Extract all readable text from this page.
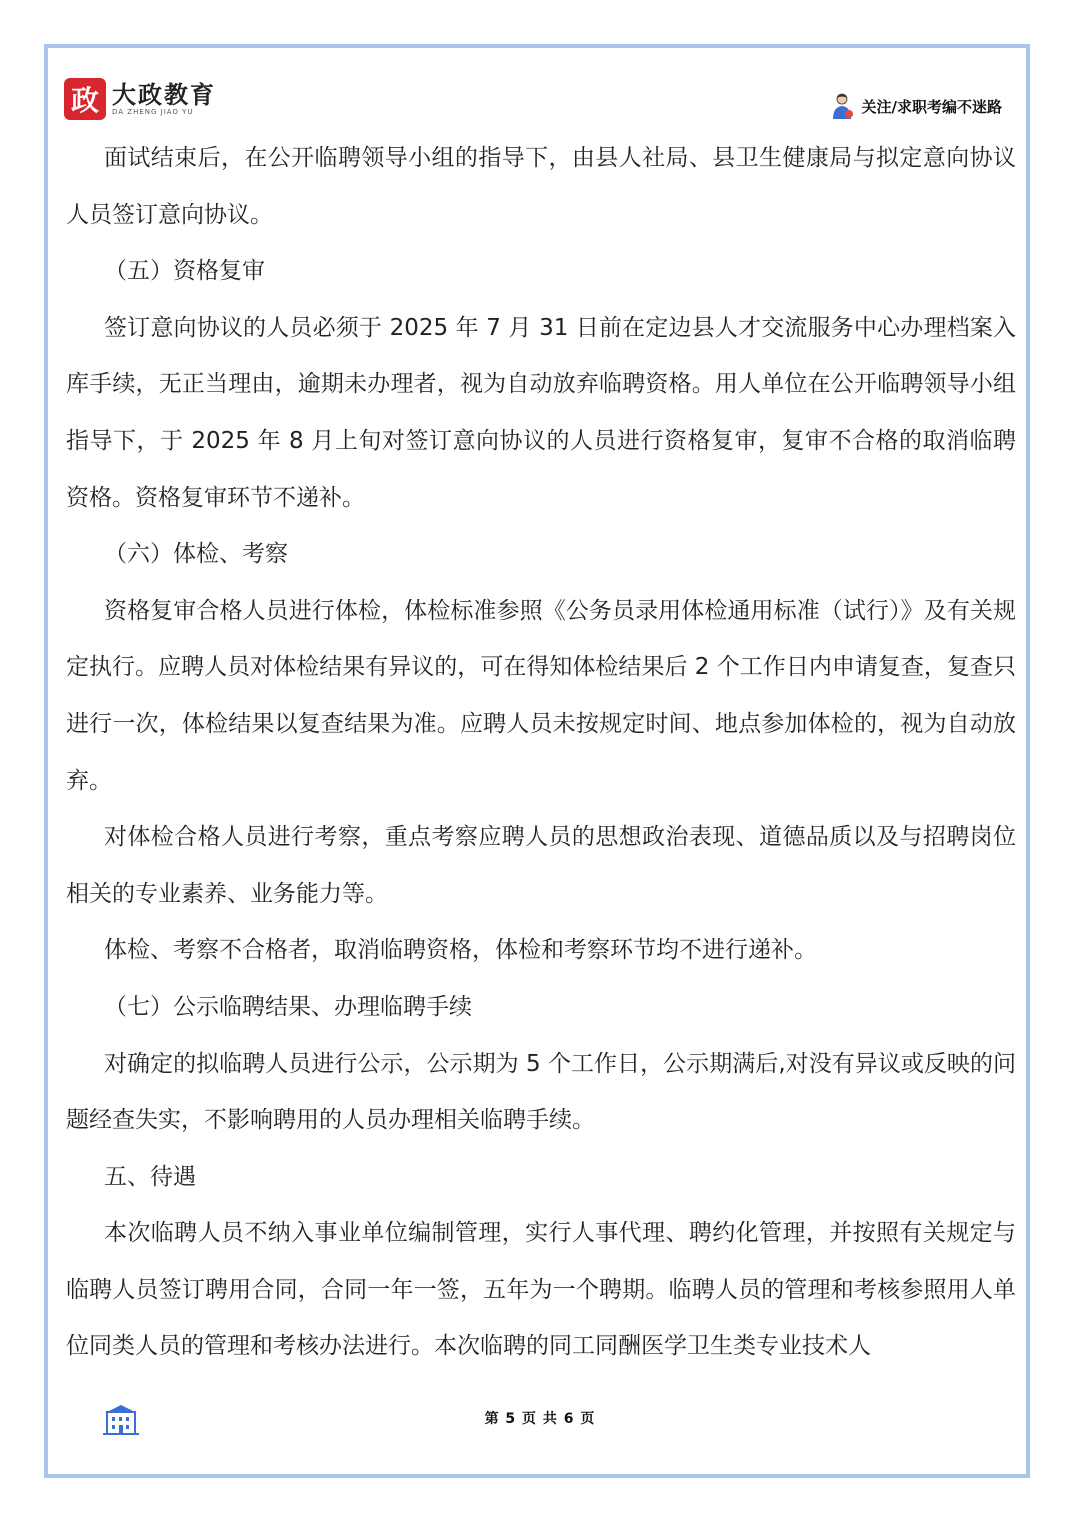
政 大政教育
DA ZHENG JIAO YU	关注/求职考编不迷路

面试结束后，在公开临聘领导小组的指导下，由县人社局、县卫生健康局与拟定意向协议人员签订意向协议。

（五）资格复审

签订意向协议的人员必须于 2025 年 7 月 31 日前在定边县人才交流服务中心办理档案入库手续，无正当理由，逾期未办理者，视为自动放弃临聘资格。用人单位在公开临聘领导小组指导下，于 2025 年 8 月上旬对签订意向协议的人员进行资格复审，复审不合格的取消临聘资格。资格复审环节不递补。

（六）体检、考察

资格复审合格人员进行体检，体检标准参照《公务员录用体检通用标准（试行）》及有关规定执行。应聘人员对体检结果有异议的，可在得知体检结果后 2 个工作日内申请复查，复查只进行一次，体检结果以复查结果为准。应聘人员未按规定时间、地点参加体检的，视为自动放弃。

对体检合格人员进行考察，重点考察应聘人员的思想政治表现、道德品质以及与招聘岗位相关的专业素养、业务能力等。

体检、考察不合格者，取消临聘资格，体检和考察环节均不进行递补。

（七）公示临聘结果、办理临聘手续

对确定的拟临聘人员进行公示，公示期为 5 个工作日，公示期满后,对没有异议或反映的问题经查失实，不影响聘用的人员办理相关临聘手续。

五、待遇

本次临聘人员不纳入事业单位编制管理，实行人事代理、聘约化管理，并按照有关规定与临聘人员签订聘用合同，合同一年一签，五年为一个聘期。临聘人员的管理和考核参照用人单位同类人员的管理和考核办法进行。本次临聘的同工同酬医学卫生类专业技术人

第 5 页 共 6 页
